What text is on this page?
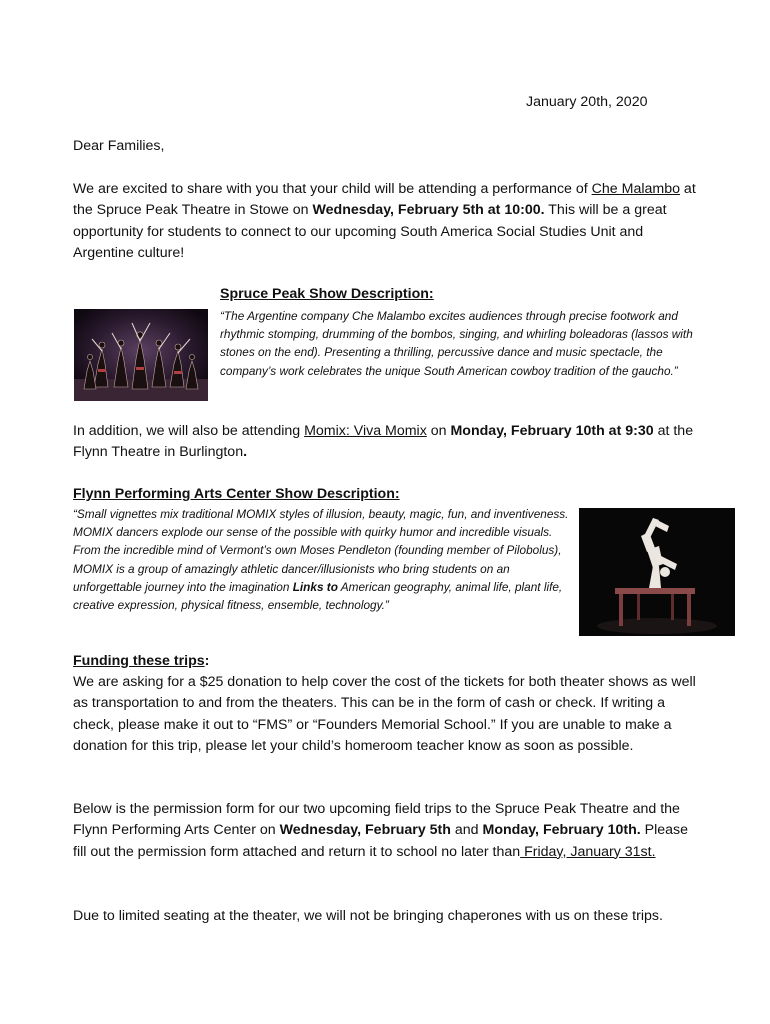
January 20th, 2020

Dear Families,

We are excited to share with you that your child will be attending a performance of Che Malambo at the Spruce Peak Theatre in Stowe on Wednesday, February 5th at 10:00. This will be a great opportunity for students to connect to our upcoming South America Social Studies Unit and Argentine culture!

Spruce Peak Show Description:

“The Argentine company Che Malambo excites audiences through precise footwork and rhythmic stomping, drumming of the bombos, singing, and whirling boleadoras (lassos with stones on the end). Presenting a thrilling, percussive dance and music spectacle, the company’s work celebrates the unique South American cowboy tradition of the gaucho.”

In addition, we will also be attending Momix: Viva Momix on Monday, February 10th at 9:30 at the Flynn Theatre in Burlington.

Flynn Performing Arts Center Show Description:

“Small vignettes mix traditional MOMIX styles of illusion, beauty, magic, fun, and inventiveness. MOMIX dancers explode our sense of the possible with quirky humor and incredible visuals. From the incredible mind of Vermont’s own Moses Pendleton (founding member of Pilobolus), MOMIX is a group of amazingly athletic dancer/illusionists who bring students on an unforgettable journey into the imagination Links to American geography, animal life, plant life, creative expression, physical fitness, ensemble, technology.”

Funding these trips:

We are asking for a $25 donation to help cover the cost of the tickets for both theater shows as well as transportation to and from the theaters. This can be in the form of cash or check. If writing a check, please make it out to “FMS” or “Founders Memorial School.” If you are unable to make a donation for this trip, please let your child’s homeroom teacher know as soon as possible.

Below is the permission form for our two upcoming field trips to the Spruce Peak Theatre and the Flynn Performing Arts Center on Wednesday, February 5th and Monday, February 10th. Please fill out the permission form attached and return it to school no later than Friday, January 31st.

Due to limited seating at the theater, we will not be bringing chaperones with us on these trips.
